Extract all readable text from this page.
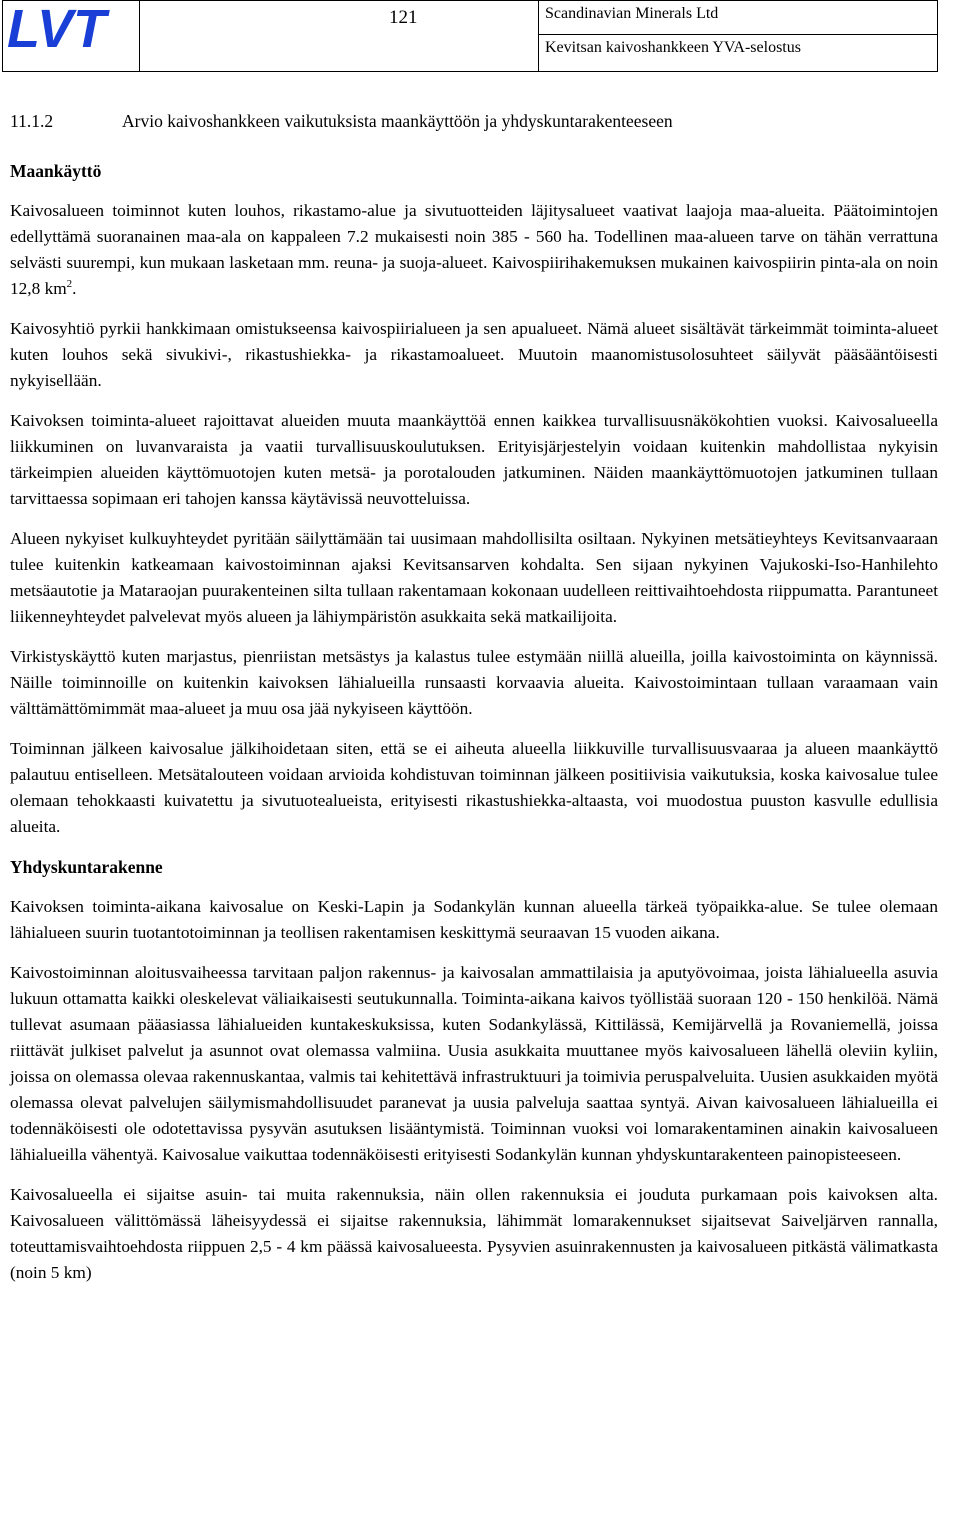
LVT	121	Scandinavian Minerals Ltd
Kevitsan kaivoshankkeen YVA-selostus
11.1.2	Arvio kaivoshankkeen vaikutuksista maankäyttöön ja yhdyskuntarakenteeseen
Maankäyttö

Kaivosalueen toiminnot kuten louhos, rikastamo-alue ja sivutuotteiden läjitysalueet vaativat laajoja maa-alueita. Päätoimintojen edellyttämä suoranainen maa-ala on kappaleen 7.2 mukaisesti noin 385 - 560 ha. Todellinen maa-alueen tarve on tähän verrattuna selvästi suurempi, kun mukaan lasketaan mm. reuna- ja suoja-alueet. Kaivospiirihakemuksen mukainen kaivospiirin pinta-ala on noin 12,8 $km^2$.

Kaivosyhtiö pyrkii hankkimaan omistukseensa kaivospiirialueen ja sen apualueet. Nämä alueet sisältävät tärkeimmät toiminta-alueet kuten louhos sekä sivukivi-, rikastushiekka- ja rikastamoalueet. Muutoin maanomistusolosuhteet säilyvät pääsääntöisesti nykyisellään.

Kaivoksen toiminta-alueet rajoittavat alueiden muuta maankäyttöä ennen kaikkea turvallisuusnäkökohtien vuoksi. Kaivosalueella liikkuminen on luvanvaraista ja vaatii turvallisuuskoulutuksen. Erityisjärjestelyin voidaan kuitenkin mahdollistaa nykyisin tärkeimpien alueiden käyttömuotojen kuten metsä- ja porotalouden jatkuminen. Näiden maankäyttömuotojen jatkuminen tullaan tarvittaessa sopimaan eri tahojen kanssa käytävissä neuvotteluissa.

Alueen nykyiset kulkuyhteydet pyritään säilyttämään tai uusimaan mahdollisilta osiltaan. Nykyinen metsätieyhteys Kevitsanvaaraan tulee kuitenkin katkeamaan kaivostoiminnan ajaksi Kevitsansarven kohdalta. Sen sijaan nykyinen Vajukoski-Iso-Hanhilehto metsäautotie ja Mataraojan puurakenteinen silta tullaan rakentamaan kokonaan uudelleen reittivaihtoehdosta riippumatta. Parantuneet liikenneyhteydet palvelevat myös alueen ja lähiympäristön asukkaita sekä matkailijoita.

Virkistyskäyttö kuten marjastus, pienriistan metsästys ja kalastus tulee estymään niillä alueilla, joilla kaivostoiminta on käynnissä. Näille toiminnoille on kuitenkin kaivoksen lähialueilla runsaasti korvaavia alueita. Kaivostoimintaan tullaan varaamaan vain välttämättömimmät maa-alueet ja muu osa jää nykyiseen käyttöön.

Toiminnan jälkeen kaivosalue jälkihoidetaan siten, että se ei aiheuta alueella liikkuville turvallisuusvaaraa ja alueen maankäyttö palautuu entiselleen. Metsätalouteen voidaan arvioida kohdistuvan toiminnan jälkeen positiivisia vaikutuksia, koska kaivosalue tulee olemaan tehokkaasti kuivatettu ja sivutuotealueista, erityisesti rikastushiekka-altaasta, voi muodostua puuston kasvulle edullisia alueita.

Yhdyskuntarakenne

Kaivoksen toiminta-aikana kaivosalue on Keski-Lapin ja Sodankylän kunnan alueella tärkeä työpaikka-alue. Se tulee olemaan lähialueen suurin tuotantotoiminnan ja teollisen rakentamisen keskittymä seuraavan 15 vuoden aikana.

Kaivostoiminnan aloitusvaiheessa tarvitaan paljon rakennus- ja kaivosalan ammattilaisia ja aputyövoimaa, joista lähialueella asuvia lukuun ottamatta kaikki oleskelevat väliaikaisesti seutukunnalla. Toiminta-aikana kaivos työllistää suoraan 120 - 150 henkilöä. Nämä tullevat asumaan pääasiassa lähialueiden kuntakeskuksissa, kuten Sodankylässä, Kittilässä, Kemijärvellä ja Rovaniemellä, joissa riittävät julkiset palvelut ja asunnot ovat olemassa valmiina. Uusia asukkaita muuttanee myös kaivosalueen lähellä oleviin kyliin, joissa on olemassa olevaa rakennuskantaa, valmis tai kehitettävä infrastruktuuri ja toimivia peruspalveluita. Uusien asukkaiden myötä olemassa olevat palvelujen säilymismahdollisuudet paranevat ja uusia palveluja saattaa syntyä. Aivan kaivosalueen lähialueilla ei todennäköisesti ole odotettavissa pysyvän asutuksen lisääntymistä. Toiminnan vuoksi voi lomarakentaminen ainakin kaivosalueen lähialueilla vähentyä. Kaivosalue vaikuttaa todennäköisesti erityisesti Sodankylän kunnan yhdyskuntarakenteen painopisteeseen.

Kaivosalueella ei sijaitse asuin- tai muita rakennuksia, näin ollen rakennuksia ei jouduta purkamaan pois kaivoksen alta. Kaivosalueen välittömässä läheisyydessä ei sijaitse rakennuksia, lähimmät lomarakennukset sijaitsevat Saiveljärven rannalla, toteuttamisvaihtoehdosta riippuen 2,5 - 4 km päässä kaivosalueesta. Pysyvien asuinrakennusten ja kaivosalueen pitkästä välimatkasta (noin 5 km)
